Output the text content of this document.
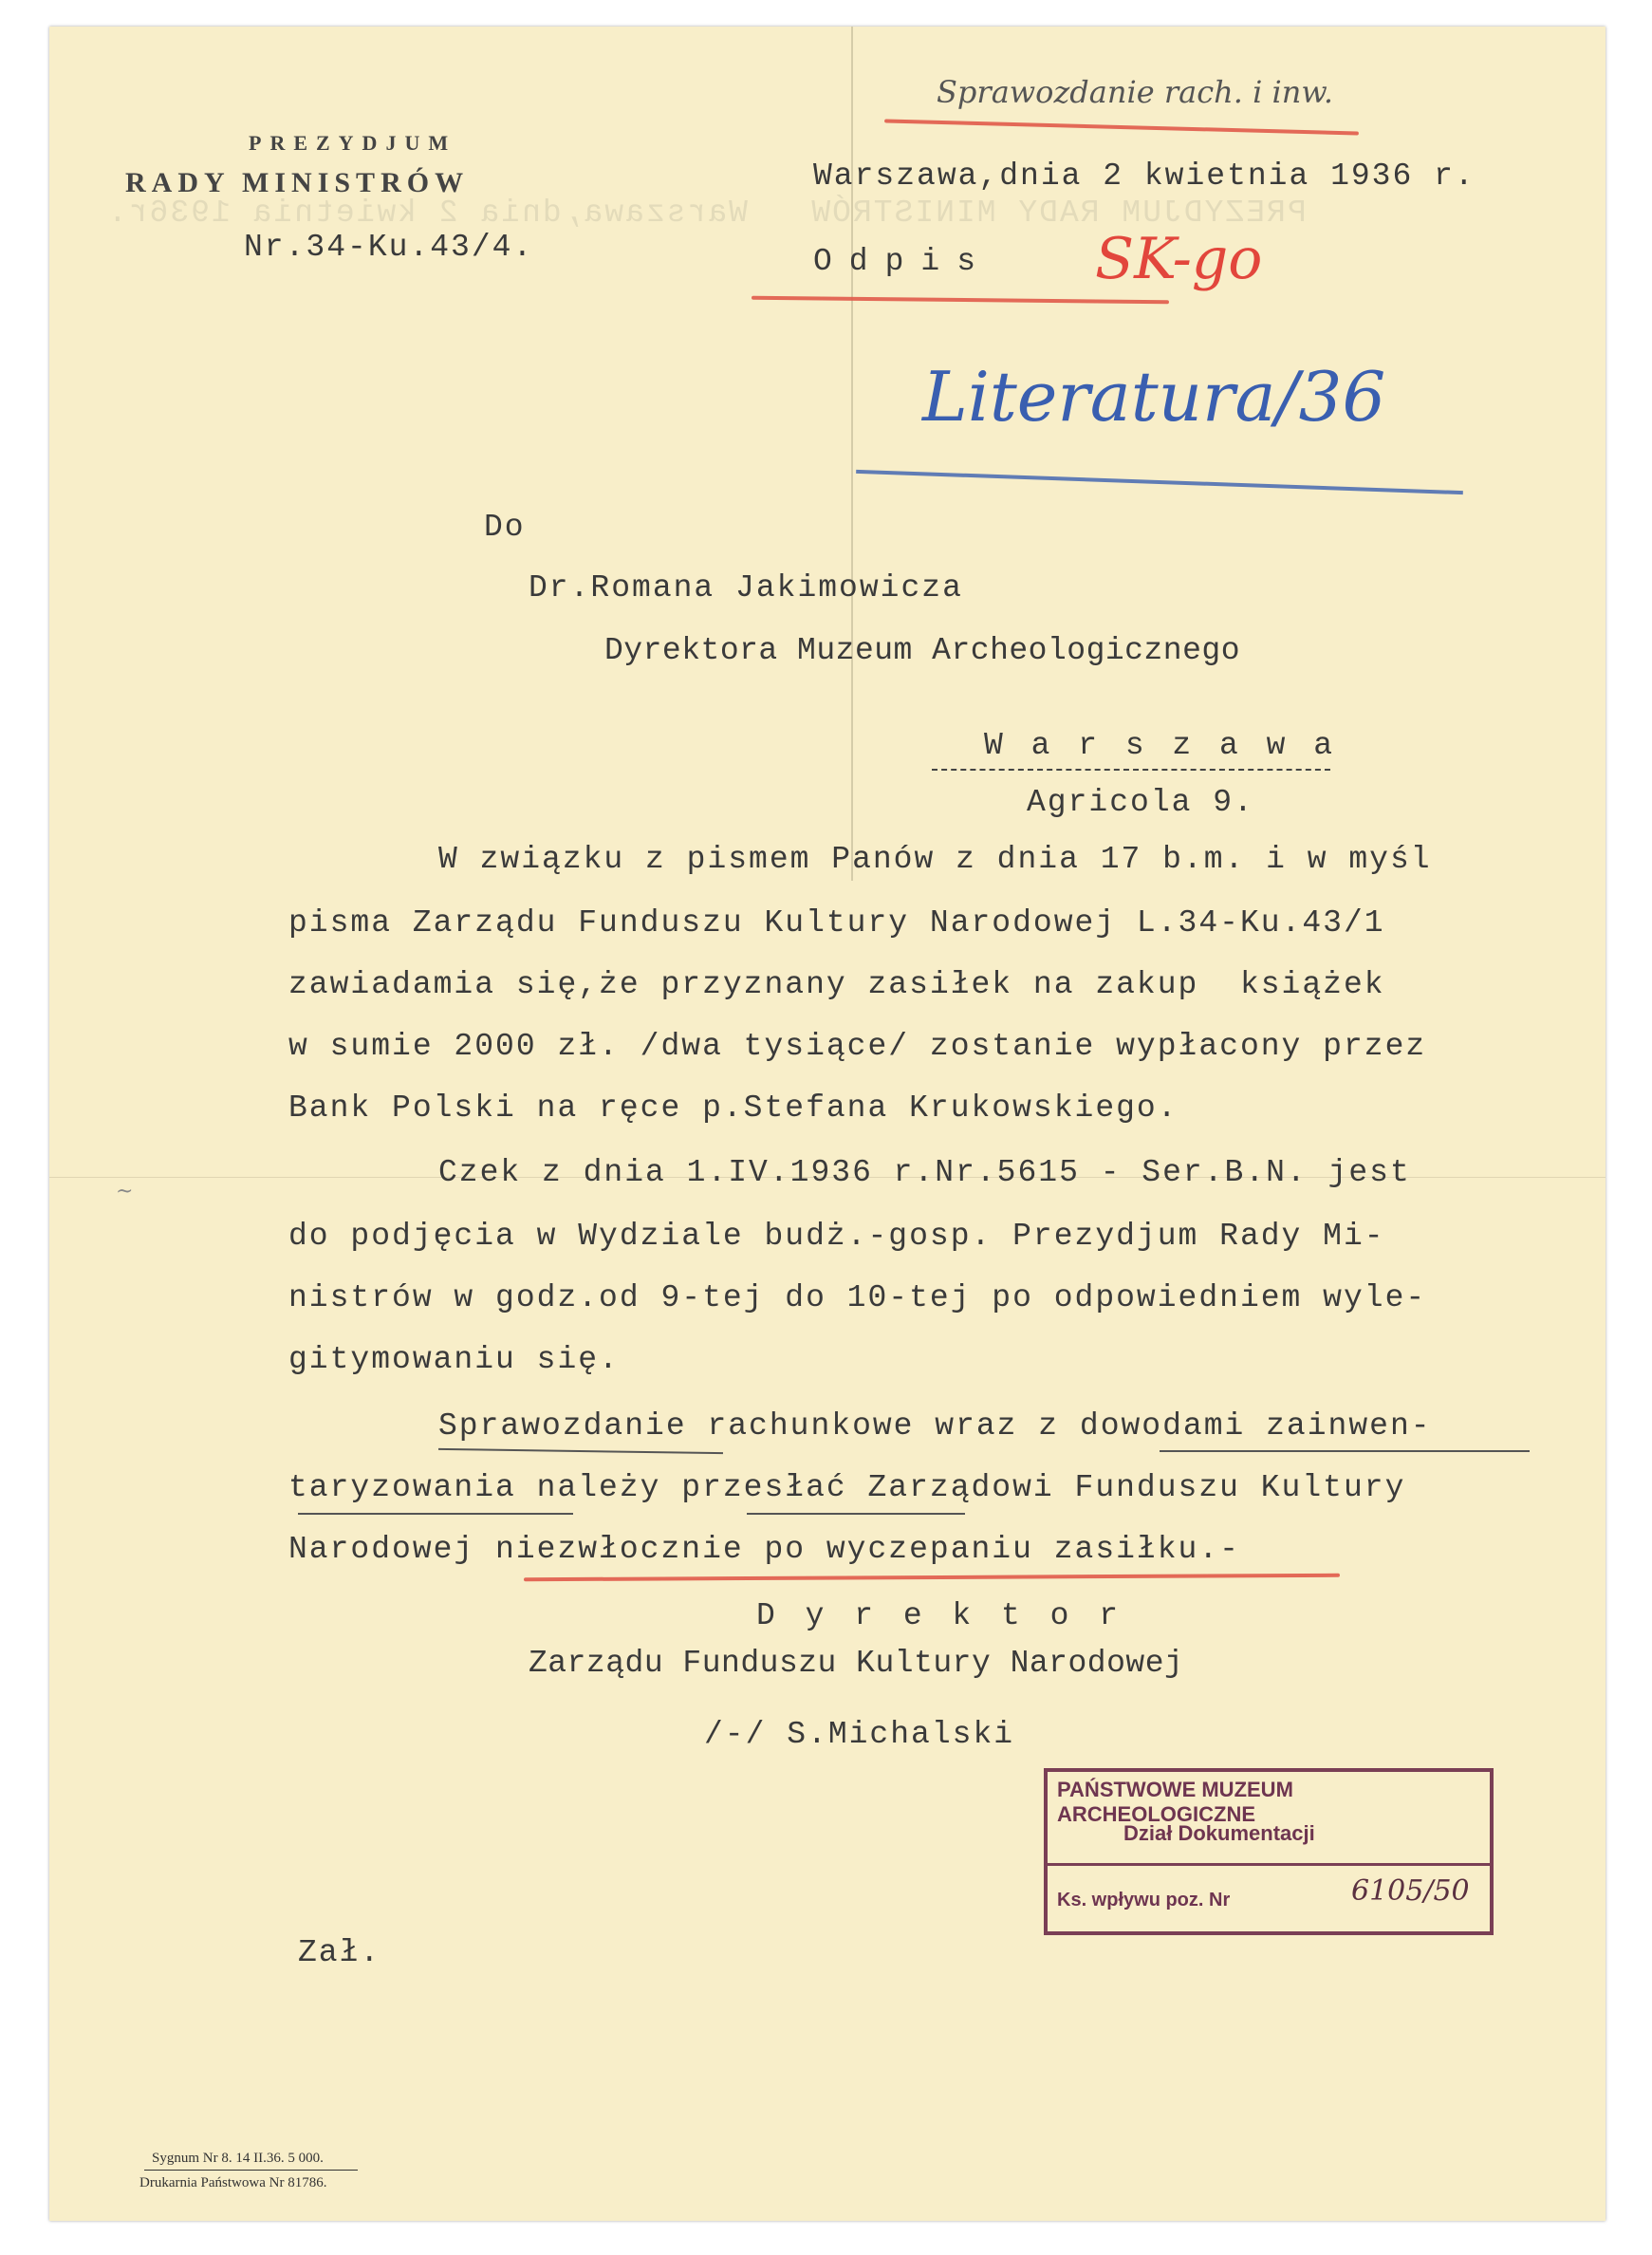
PREZYDJUM RADY MINISTRÓW   Warszawa,dnia 2 kwietnia 1936r.
PREZYDJUM
RADY MINISTRÓW
Nr.34-Ku.43/4.
Sprawozdanie rach. i inw.
Warszawa,dnia 2 kwietnia 1936 r.
Odpis SK-go
Literatura/36
Do
Dr.Romana Jakimowicza
Dyrektora Muzeum Archeologicznego
W a r s z a w a
Agricola 9.
W związku z pismem Panów z dnia 17 b.m. i w myśl
pisma Zarządu Funduszu Kultury Narodowej L.34-Ku.43/1
zawiadamia się,że przyznany zasiłek na zakup  książek
w sumie 2000 zł. /dwa tysiące/ zostanie wypłacony przez
Bank Polski na ręce p.Stefana Krukowskiego.
Czek z dnia 1.IV.1936 r.Nr.5615 - Ser.B.N. jest
do podjęcia w Wydziale budż.-gosp. Prezydjum Rady Mi-
nistrów w godz.od 9-tej do 10-tej po odpowiedniem wyle-
gitymowaniu się.
Sprawozdanie rachunkowe wraz z dowodami zainwen-
taryzowania należy przesłać Zarządowi Funduszu Kultury
Narodowej niezwłocznie po wyczepaniu zasiłku.-
~
D y r e k t o r
Zarządu Funduszu Kultury Narodowej
/-/ S.Michalski
PAŃSTWOWE MUZEUM ARCHEOLOGICZNE
Dział Dokumentacji
Ks. wpływu poz. Nr	6105/50
Zał.
Sygnum Nr 8. 14 II.36. 5 000.
Drukarnia Państwowa Nr 81786.
